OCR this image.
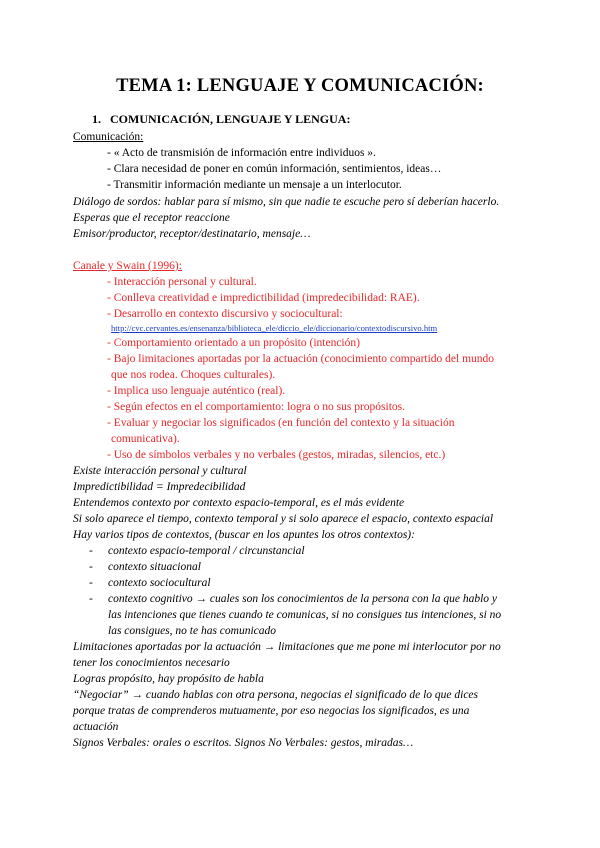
TEMA 1: LENGUAJE Y COMUNICACIÓN:
1. COMUNICACIÓN, LENGUAJE Y LENGUA:
Comunicación:
- « Acto de transmisión de información entre individuos ».
- Clara necesidad de poner en común información, sentimientos, ideas…
- Transmitir información mediante un mensaje a un interlocutor.
Diálogo de sordos: hablar para sí mismo, sin que nadie te escuche pero sí deberían hacerlo.
Esperas que el receptor reaccione
Emisor/productor, receptor/destinatario, mensaje…
Canale y Swain (1996):
- Interacción personal y cultural.
- Conlleva creatividad e impredictibilidad (impredecibilidad: RAE).
- Desarrollo en contexto discursivo y sociocultural:
http://cvc.cervantes.es/ensenanza/biblioteca_ele/diccio_ele/diccionario/contextodiscursivo.htm
- Comportamiento orientado a un propósito (intención)
- Bajo limitaciones aportadas por la actuación (conocimiento compartido del mundo
que nos rodea. Choques culturales).
- Implica uso lenguaje auténtico (real).
- Según efectos en el comportamiento: logra o no sus propósitos.
- Evaluar y negociar los significados (en función del contexto y la situación
comunicativa).
- Uso de símbolos verbales y no verbales (gestos, miradas, silencios, etc.)
Existe interacción personal y cultural
Impredictibilidad = Impredecibilidad
Entendemos contexto por contexto espacio-temporal, es el más evidente
Si solo aparece el tiempo, contexto temporal y si solo aparece el espacio, contexto espacial
Hay varios tipos de contextos, (buscar en los apuntes los otros contextos):
- contexto espacio-temporal / circunstancial
- contexto situacional
- contexto sociocultural
- contexto cognitivo → cuales son los conocimientos de la persona con la que hablo y
las intenciones que tienes cuando te comunicas, si no consigues tus intenciones, si no
las consigues, no te has comunicado
Limitaciones aportadas por la actuación → limitaciones que me pone mi interlocutor por no
tener los conocimientos necesario
Logras propósito, hay propósito de habla
“Negociar” → cuando hablas con otra persona, negocias el significado de lo que dices
porque tratas de comprenderos mutuamente, por eso negocias los significados, es una
actuación
Signos Verbales: orales o escritos. Signos No Verbales: gestos, miradas…
